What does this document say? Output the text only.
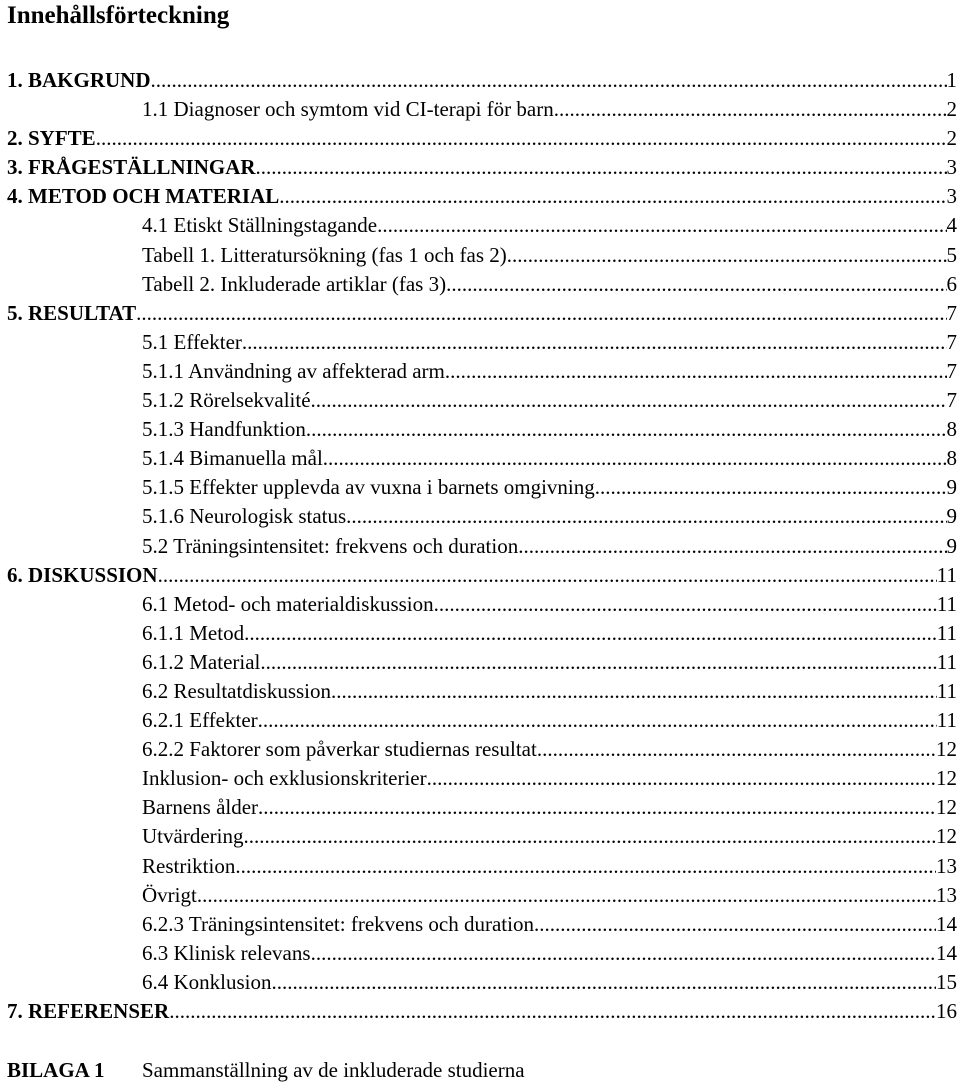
Innehållsförteckning
1. BAKGRUND .....	1
1.1 Diagnoser och symtom vid CI-terapi för barn .....	2
2. SYFTE .....	2
3. FRÅGESTÄLLNINGAR .....	3
4. METOD OCH MATERIAL .....	3
4.1 Etiskt Ställningstagande .....	4
Tabell 1. Litteratursökning (fas 1 och fas 2) .....	5
Tabell 2. Inkluderade artiklar (fas 3) .....	6
5. RESULTAT .....	7
5.1 Effekter .....	7
5.1.1 Användning av affekterad arm .....	7
5.1.2 Rörelsekvalité .....	7
5.1.3 Handfunktion .....	8
5.1.4 Bimanuella mål .....	8
5.1.5 Effekter upplevda av vuxna i barnets omgivning .....	9
5.1.6 Neurologisk status .....	9
5.2 Träningsintensitet: frekvens och duration .....	9
6. DISKUSSION .....	11
6.1 Metod- och materialdiskussion .....	11
6.1.1 Metod .....	11
6.1.2 Material .....	11
6.2 Resultatdiskussion .....	11
6.2.1 Effekter .....	11
6.2.2 Faktorer som påverkar studiernas resultat .....	12
Inklusion- och exklusionskriterier .....	12
Barnens ålder .....	12
Utvärdering .....	12
Restriktion .....	13
Övrigt .....	13
6.2.3 Träningsintensitet: frekvens och duration .....	14
6.3 Klinisk relevans .....	14
6.4 Konklusion .....	15
7. REFERENSER .....	16
BILAGA 1	Sammanställning av de inkluderade studierna
